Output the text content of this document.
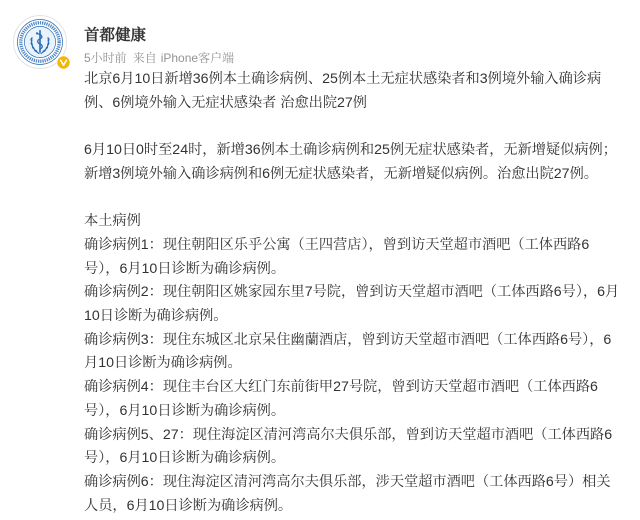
首都健康
5小时前 来自 iPhone客户端

北京6月10日新增36例本土确诊病例、25例本土无症状感染者和3例境外输入确诊病例、6例境外输入无症状感染者 治愈出院27例

6月10日0时至24时，新增36例本土确诊病例和25例无症状感染者，无新增疑似病例；新增3例境外输入确诊病例和6例无症状感染者，无新增疑似病例。治愈出院27例。

本土病例

确诊病例1：现住朝阳区乐乎公寓（王四营店），曾到访天堂超市酒吧（工体西路6号），6月10日诊断为确诊病例。

确诊病例2：现住朝阳区姚家园东里7号院，曾到访天堂超市酒吧（工体西路6号），6月10日诊断为确诊病例。

确诊病例3：现住东城区北京呆住幽蘭酒店，曾到访天堂超市酒吧（工体西路6号），6月10日诊断为确诊病例。

确诊病例4：现住丰台区大红门东前街甲27号院，曾到访天堂超市酒吧（工体西路6号），6月10日诊断为确诊病例。

确诊病例5、27：现住海淀区清河湾高尔夫俱乐部，曾到访天堂超市酒吧（工体西路6号），6月10日诊断为确诊病例。

确诊病例6：现住海淀区清河湾高尔夫俱乐部，涉天堂超市酒吧（工体西路6号）相关人员，6月10日诊断为确诊病例。
